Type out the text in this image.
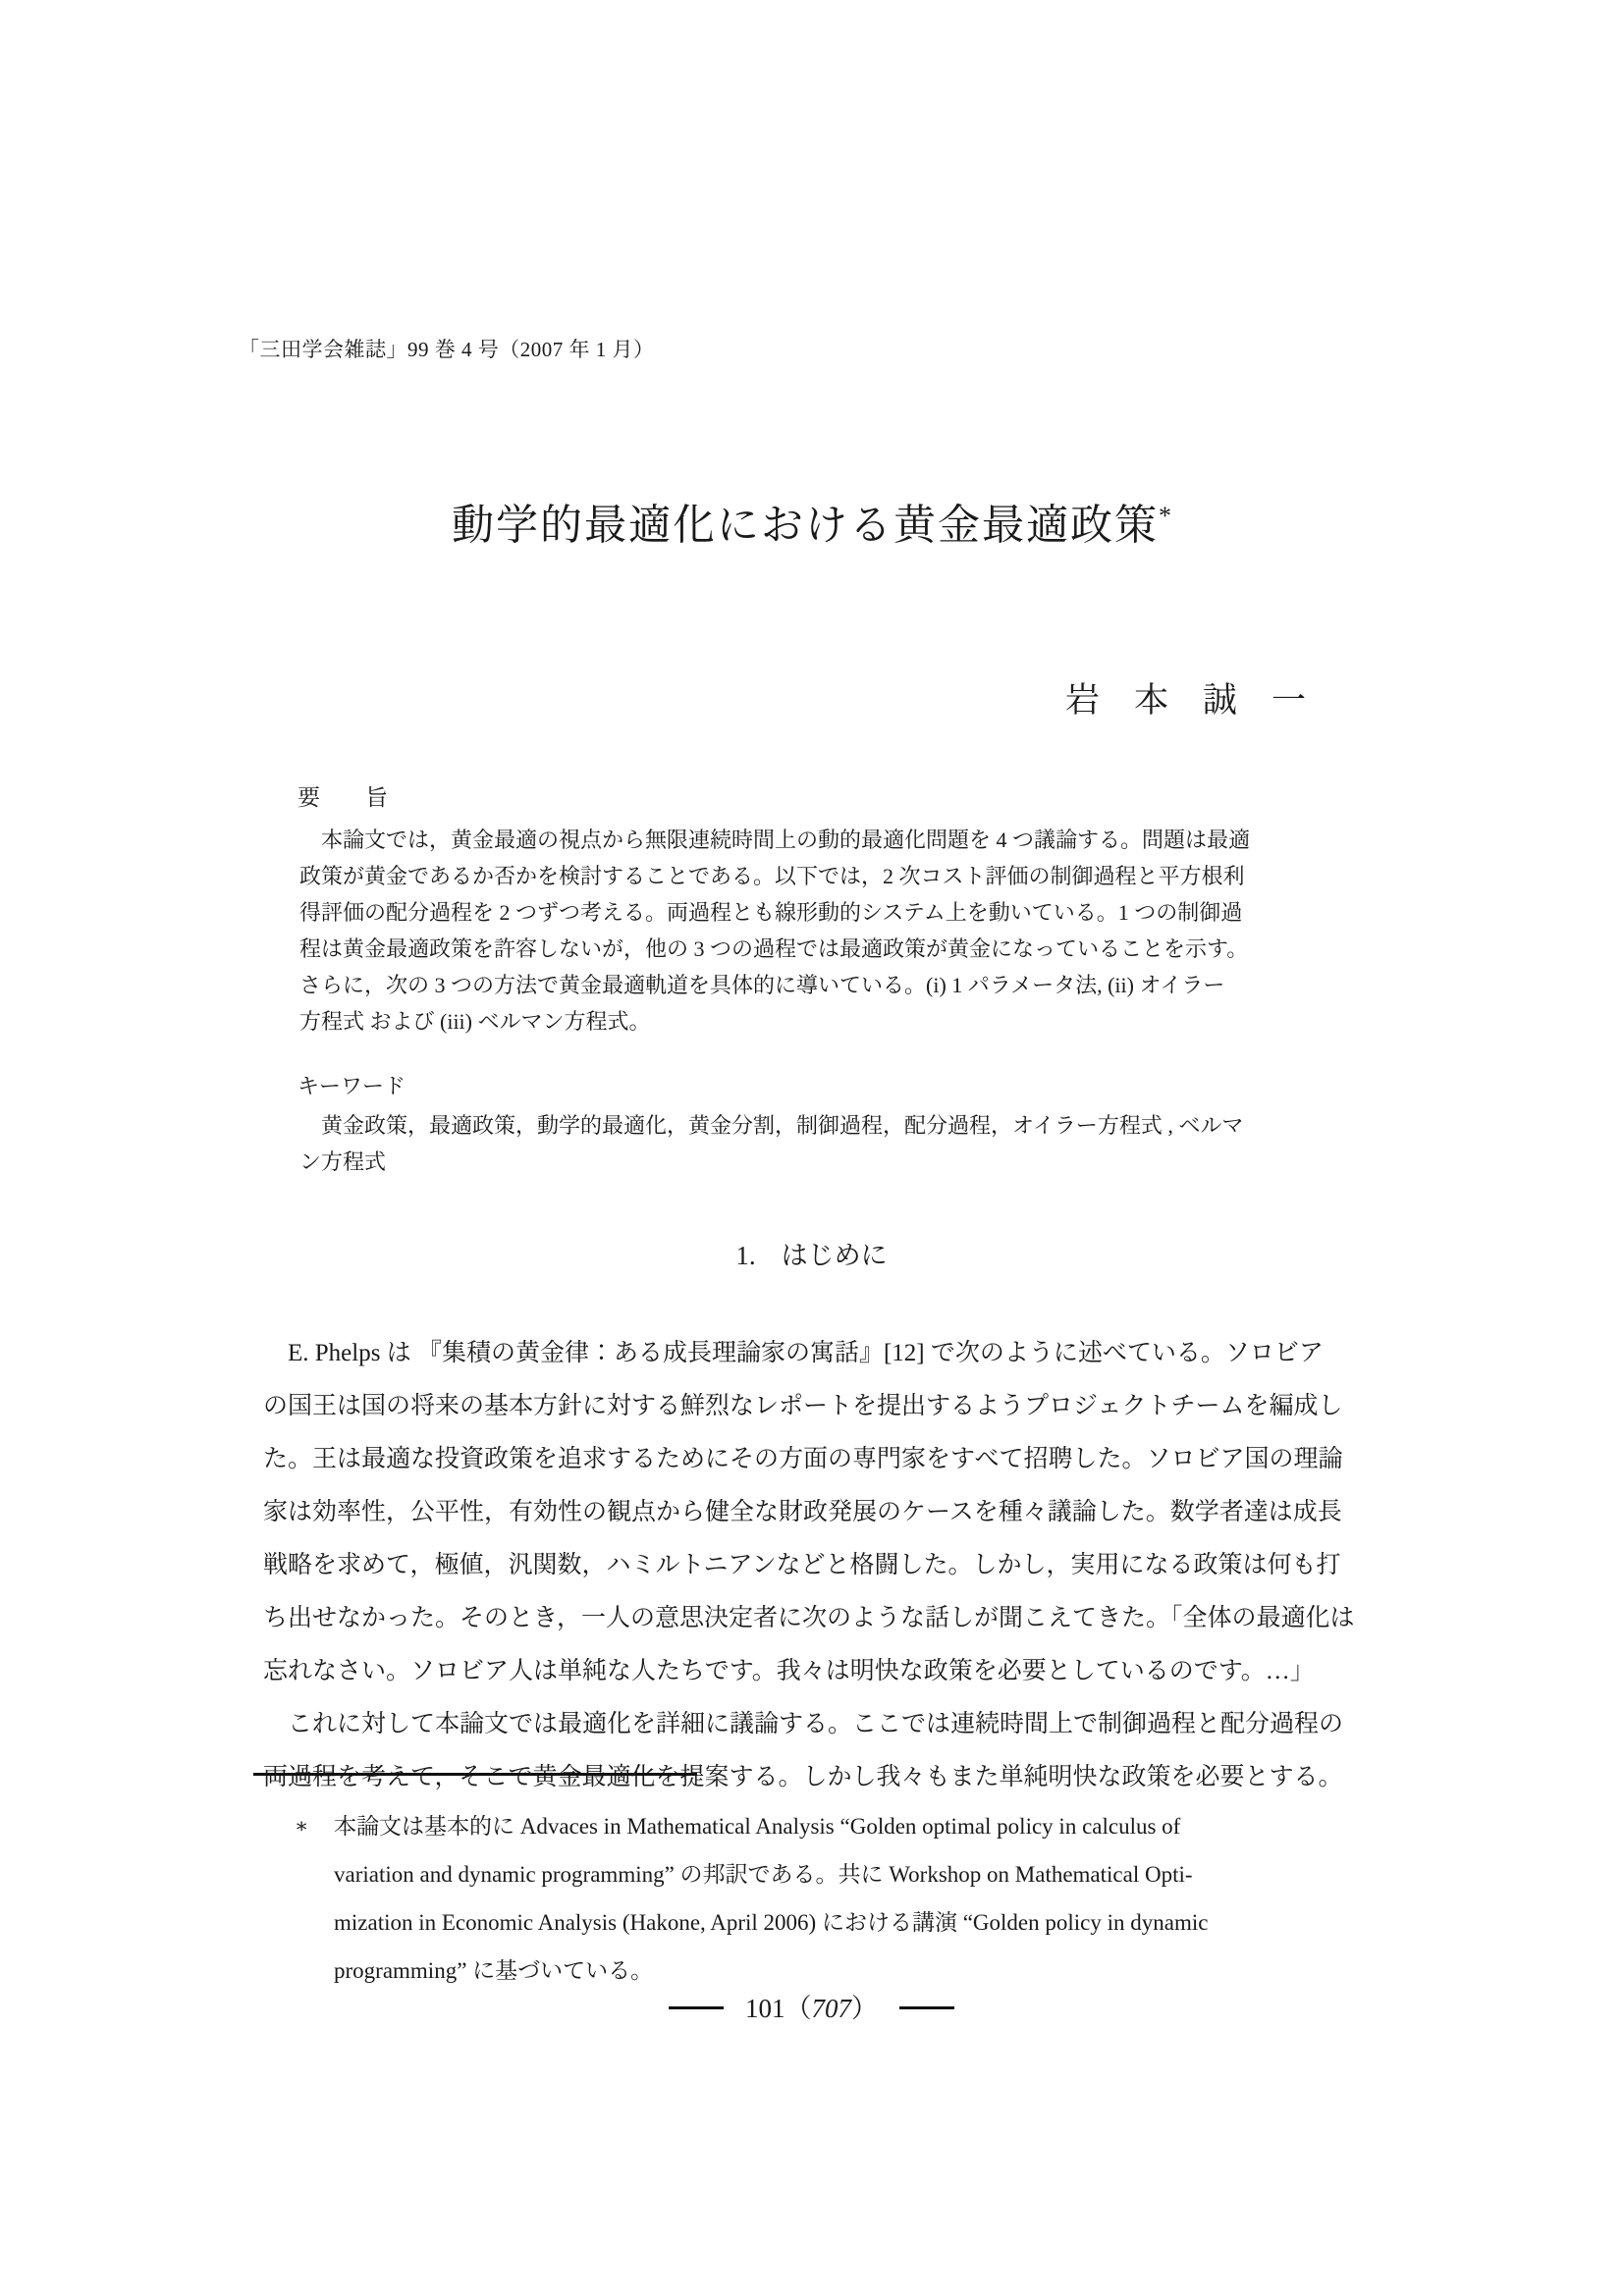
「三田学会雑誌」99 巻 4 号（2007 年 1 月）
動学的最適化における黄金最適政策*
岩　本　誠　一
要　　旨
　本論文では，黄金最適の視点から無限連続時間上の動的最適化問題を 4 つ議論する。問題は最適
政策が黄金であるか否かを検討することである。以下では，2 次コスト評価の制御過程と平方根利
得評価の配分過程を 2 つずつ考える。両過程とも線形動的システム上を動いている。1 つの制御過
程は黄金最適政策を許容しないが，他の 3 つの過程では最適政策が黄金になっていることを示す。
さらに，次の 3 つの方法で黄金最適軌道を具体的に導いている。(i) 1 パラメータ法, (ii) オイラー
方程式 および (iii) ベルマン方程式。
キーワード
　黄金政策，最適政策，動学的最適化，黄金分割，制御過程，配分過程，オイラー方程式 , ベルマ
ン方程式
1. はじめに
　E. Phelps は 『集積の黄金律：ある成長理論家の寓話』[12] で次のように述べている。ソロビア
の国王は国の将来の基本方針に対する鮮烈なレポートを提出するようプロジェクトチームを編成し
た。王は最適な投資政策を追求するためにその方面の専門家をすべて招聘した。ソロビア国の理論
家は効率性，公平性，有効性の観点から健全な財政発展のケースを種々議論した。数学者達は成長
戦略を求めて，極値，汎関数，ハミルトニアンなどと格闘した。しかし，実用になる政策は何も打
ち出せなかった。そのとき，一人の意思決定者に次のような話しが聞こえてきた。「全体の最適化は
忘れなさい。ソロビア人は単純な人たちです。我々は明快な政策を必要としているのです。…」
　これに対して本論文では最適化を詳細に議論する。ここでは連続時間上で制御過程と配分過程の
両過程を考えて，そこで黄金最適化を提案する。しかし我々もまた単純明快な政策を必要とする。
∗	本論文は基本的に Advaces in Mathematical Analysis “Golden optimal policy in calculus of
variation and dynamic programming” の邦訳である。共に Workshop on Mathematical Opti-
mization in Economic Analysis (Hakone, April 2006) における講演 “Golden policy in dynamic
programming” に基づいている。
101（707）
